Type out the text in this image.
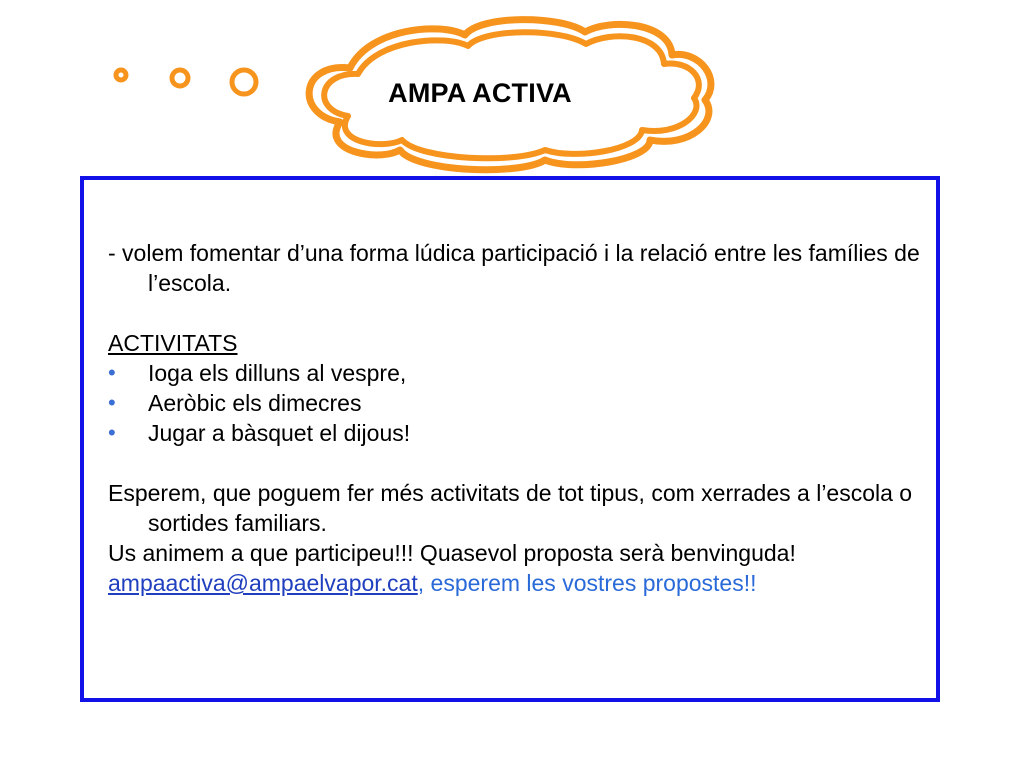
AMPA ACTIVA

- volem fomentar d’una forma lúdica participació i la relació entre les famílies de l’escola.

ACTIVITATS

• Ioga els dilluns al vespre,
• Aeròbic els dimecres
• Jugar a bàsquet el dijous!

Esperem, que poguem fer més activitats de tot tipus, com xerrades a l’escola o sortides familiars.

Us animem a que participeu!!! Quasevol proposta serà benvinguda!

ampaactiva@ampaelvapor.cat, esperem les vostres propostes!!
